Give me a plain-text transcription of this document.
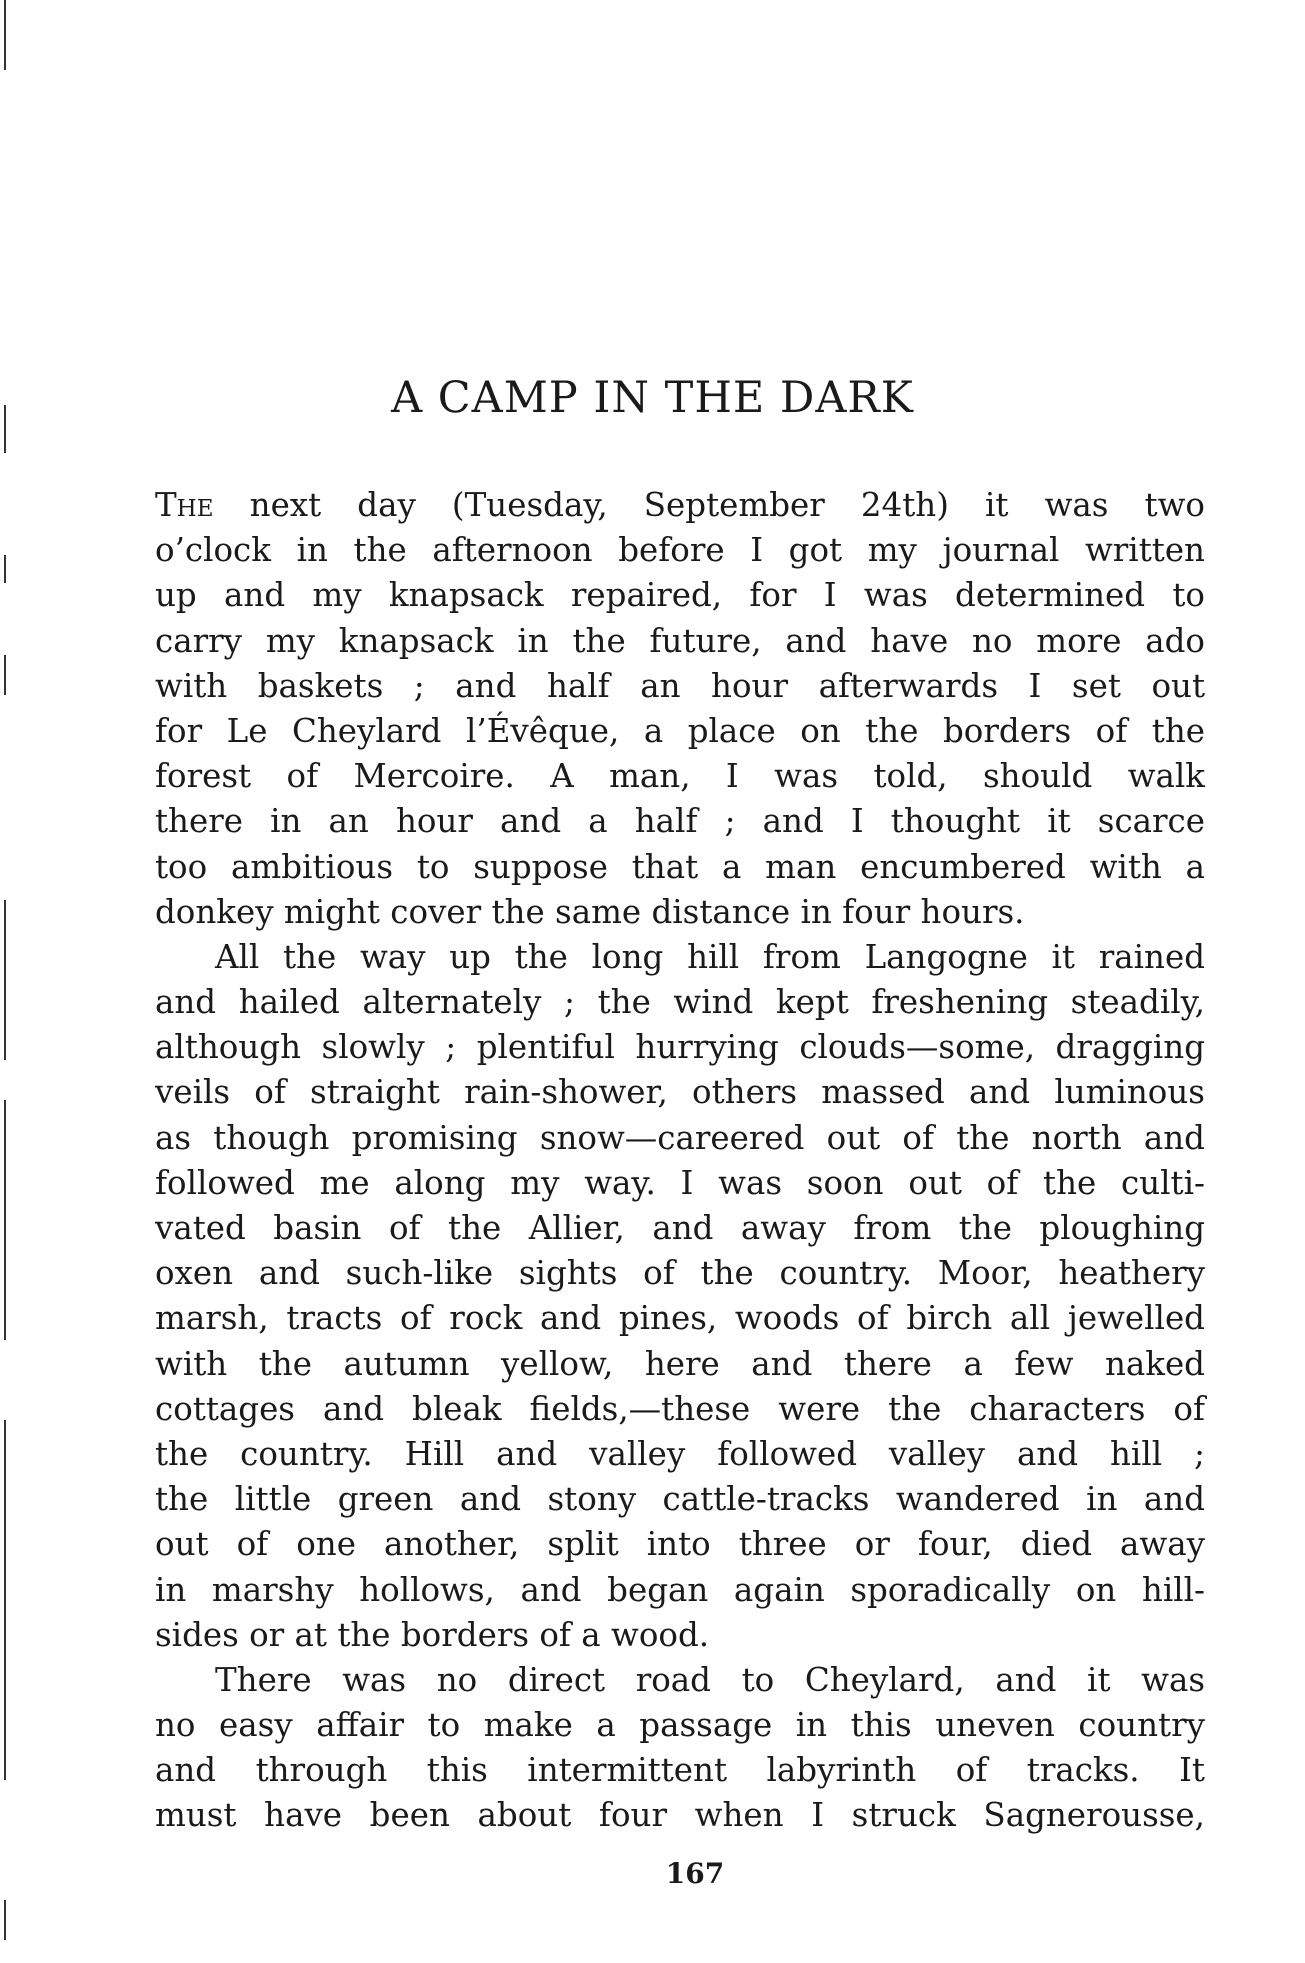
A CAMP IN THE DARK
The next day (Tuesday, September 24th) it was two
o’clock in the afternoon before I got my journal written
up and my knapsack repaired, for I was determined to
carry my knapsack in the future, and have no more ado
with baskets ; and half an hour afterwards I set out
for Le Cheylard l’Évêque, a place on the borders of the
forest of Mercoire. A man, I was told, should walk
there in an hour and a half ; and I thought it scarce
too ambitious to suppose that a man encumbered with a
donkey might cover the same distance in four hours.
All the way up the long hill from Langogne it rained
and hailed alternately ; the wind kept freshening steadily,
although slowly ; plentiful hurrying clouds—some, dragging
veils of straight rain-shower, others massed and luminous
as though promising snow—careered out of the north and
followed me along my way. I was soon out of the culti-
vated basin of the Allier, and away from the ploughing
oxen and such-like sights of the country. Moor, heathery
marsh, tracts of rock and pines, woods of birch all jewelled
with the autumn yellow, here and there a few naked
cottages and bleak fields,—these were the characters of
the country. Hill and valley followed valley and hill ;
the little green and stony cattle-tracks wandered in and
out of one another, split into three or four, died away
in marshy hollows, and began again sporadically on hill-
sides or at the borders of a wood.
There was no direct road to Cheylard, and it was
no easy affair to make a passage in this uneven country
and through this intermittent labyrinth of tracks. It
must have been about four when I struck Sagnerousse,
167
